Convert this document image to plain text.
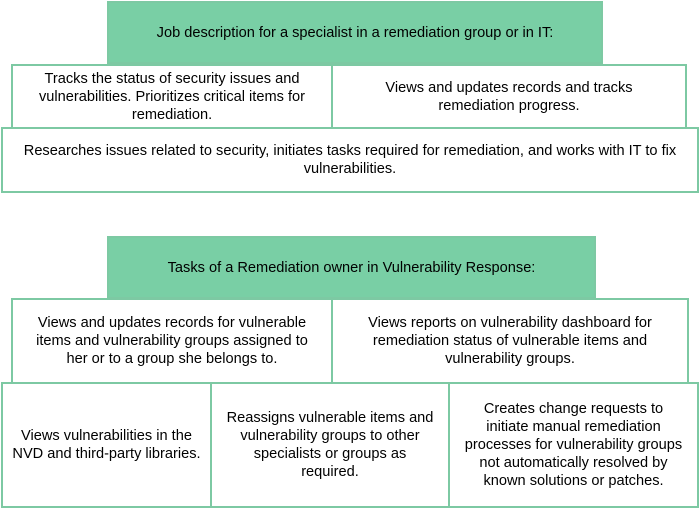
Job description for a specialist in a remediation group or in IT:
Tracks the status of security issues and vulnerabilities. Prioritizes critical items for remediation.
Views and updates records and tracks remediation progress.
Researches issues related to security, initiates tasks required for remediation, and works with IT to fix vulnerabilities.
Tasks of a Remediation owner in Vulnerability Response:
Views and updates records for vulnerable items and vulnerability groups assigned to her or to a group she belongs to.
Views reports on vulnerability dashboard for remediation status of vulnerable items and vulnerability groups.
Views vulnerabilities in the NVD and third-party libraries.
Reassigns vulnerable items and vulnerability groups to other specialists or groups as required.
Creates change requests to initiate manual remediation processes for vulnerability groups not automatically resolved by known solutions or patches.
